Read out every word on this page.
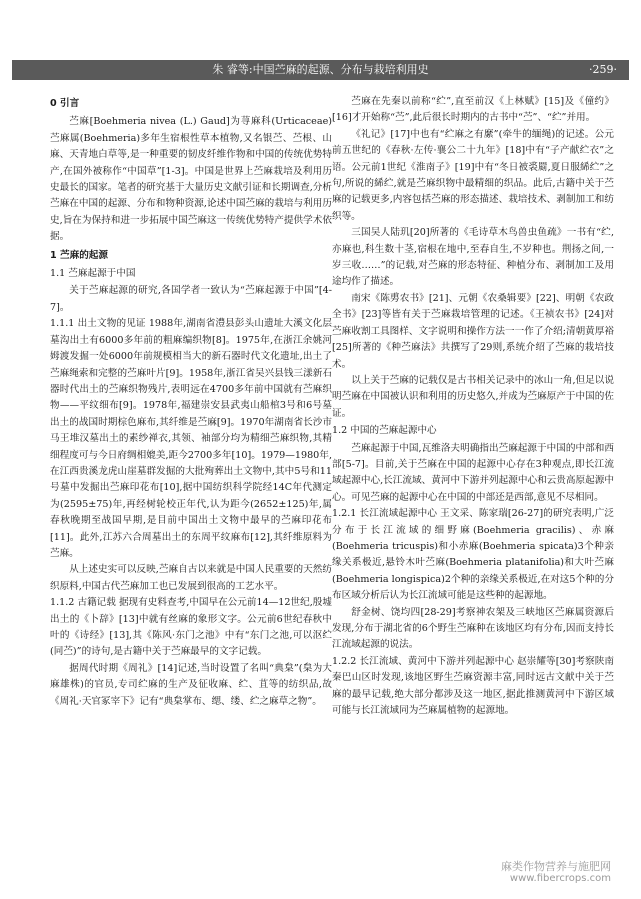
朱 睿等:中国苎麻的起源、分布与栽培利用史	·259·

0 引言

苎麻[Boehmeria nivea (L.) Gaud]为荨麻科(Urticaceae)苎麻属(Boehmeria)多年生宿根性草本植物,又名银苎、苎根、山麻、天青地白草等,是一种重要的韧皮纤维作物和中国的传统优势特产,在国外被称作“中国草”[1-3]。中国是世界上苎麻栽培及利用历史最长的国家。笔者的研究基于大量历史文献引证和长期调查,分析苎麻在中国的起源、分布和物种资源,论述中国苎麻的栽培与利用历史,旨在为保持和进一步拓展中国苎麻这一传统优势特产提供学术依据。

1 苎麻的起源

1.1 苎麻起源于中国

关于苎麻起源的研究,各国学者一致认为“苎麻起源于中国”[4-7]。

1.1.1 出土文物的见证 1988年,湖南省澧县彭头山遗址大溪文化层墓沟出土有6000多年前的粗麻编织物[8]。1975年,在浙江余姚河姆渡发掘一处6000年前规模相当大的新石器时代文化遗址,出土了苎麻绳索和完整的苎麻叶片[9]。1958年,浙江省吴兴县钱三漾新石器时代出土的苎麻织物残片,表明远在4700多年前中国就有苎麻织物——平纹细布[9]。1978年,福建崇安县武夷山船棺3号和6号墓出土的战国时期棕色麻布,其纤维是苎麻[9]。1970年湖南省长沙市马王堆汉墓出土的素纱禅衣,其领、袖部分均为精细苎麻织物,其精细程度可与今日府绸相媲美,距今2700多年[10]。1979—1980年,在江西贵溪龙虎山崖墓群发掘的大批殉葬出土文物中,其中5号和11号墓中发掘出苎麻印花布[10],据中国纺织科学院经14C年代测定为(2595±75)年,再经树轮校正年代,认为距今(2652±125)年,属春秋晚期至战国早期,是目前中国出土文物中最早的苎麻印花布[11]。此外,江苏六合周墓出土的东周平纹麻布[12],其纤维原料为苎麻。

从上述史实可以反映,苎麻自古以来就是中国人民重要的天然纺织原料,中国古代苎麻加工也已发展到很高的工艺水平。

1.1.2 古籍记载 据现有史料查考,中国早在公元前14—12世纪,殷墟出土的《卜辞》[13]中就有丝麻的象形文字。公元前6世纪春秋中叶的《诗经》[13],其《陈风·东门之池》中有“东门之池,可以沤纻(同苎)”的诗句,是古籍中关于苎麻最早的文字记载。

据周代时期《周礼》[14]记述,当时设置了名叫“典枲”(枲为大麻雄株)的官员,专司纻麻的生产及征收麻、纻、苴等的纺织品,故《周礼·天官冢宰下》记有“典枲掌布、缌、缕、纻之麻草之物”。

苎麻在先秦以前称“纻”,直至前汉《上林赋》[15]及《僮约》[16]才开始称“苎”,此后很长时期内的古书中“苎”、“纻”并用。

《礼记》[17]中也有“纻麻之有縻”(牵牛的缅绳)的记述。公元前五世纪的《春秋·左传·襄公二十九年》[18]中有“子产献纻衣”之语。公元前1世纪《淮南子》[19]中有“冬日被裘罽,夏日服絺纻”之句,所说的絺纻,就是苎麻织物中最精细的织品。此后,古籍中关于苎麻的记载更多,内容包括苎麻的形态描述、栽培技术、剥制加工和纺织等。

三国吴人陆玑[20]所著的《毛诗草木鸟兽虫鱼疏》一书有“纻,亦麻也,科生数十茎,宿根在地中,至春自生,不岁种也。荆扬之间,一岁三收……”的记载,对苎麻的形态特征、种植分布、剥制加工及用途均作了描述。

南宋《陈旉农书》[21]、元朝《农桑辑要》[22]、明朝《农政全书》[23]等皆有关于苎麻栽培管理的记述。《王祯农书》[24]对苎麻收割工具图样、文字说明和操作方法一一作了介绍;清朝黄厚裕[25]所著的《种苎麻法》共撰写了29则,系统介绍了苎麻的栽培技术。

以上关于苎麻的记载仅是古书相关记录中的冰山一角,但足以说明苎麻在中国被认识和利用的历史悠久,并成为苎麻原产于中国的佐证。

1.2 中国的苎麻起源中心

苎麻起源于中国,瓦维洛夫明确指出苎麻起源于中国的中部和西部[5-7]。目前,关于苎麻在中国的起源中心存在3种观点,即长江流域起源中心,长江流域、黄河中下游并列起源中心和云贵高原起源中心。可见苎麻的起源中心在中国的中部还是西部,意见不尽相同。

1.2.1 长江流域起源中心 王文采、陈家瑞[26-27]的研究表明,广泛分布于长江流域的细野麻(Boehmeria gracilis)、赤麻(Boehmeria tricuspis)和小赤麻(Boehmeria spicata)3个种亲缘关系极近,悬铃木叶苎麻(Boehmeria platanifolia)和大叶苎麻(Boehmeria longispica)2个种的亲缘关系极近,在对这5个种的分布区域分析后认为长江流域可能是这些种的起源地。

舒金树、饶均四[28-29]考察神农架及三峡地区苎麻属资源后发现,分布于湖北省的6个野生苎麻种在该地区均有分布,因而支持长江流域起源的说法。

1.2.2 长江流域、黄河中下游并列起源中心 赵崇耀等[30]考察陕南秦巴山区时发现,该地区野生苎麻资源丰富,同时远古文献中关于苎麻的最早记载,绝大部分都涉及这一地区,据此推测黄河中下游区域可能与长江流域同为苎麻属植物的起源地。

麻类作物营养与施肥网
www.fibercrops.com
